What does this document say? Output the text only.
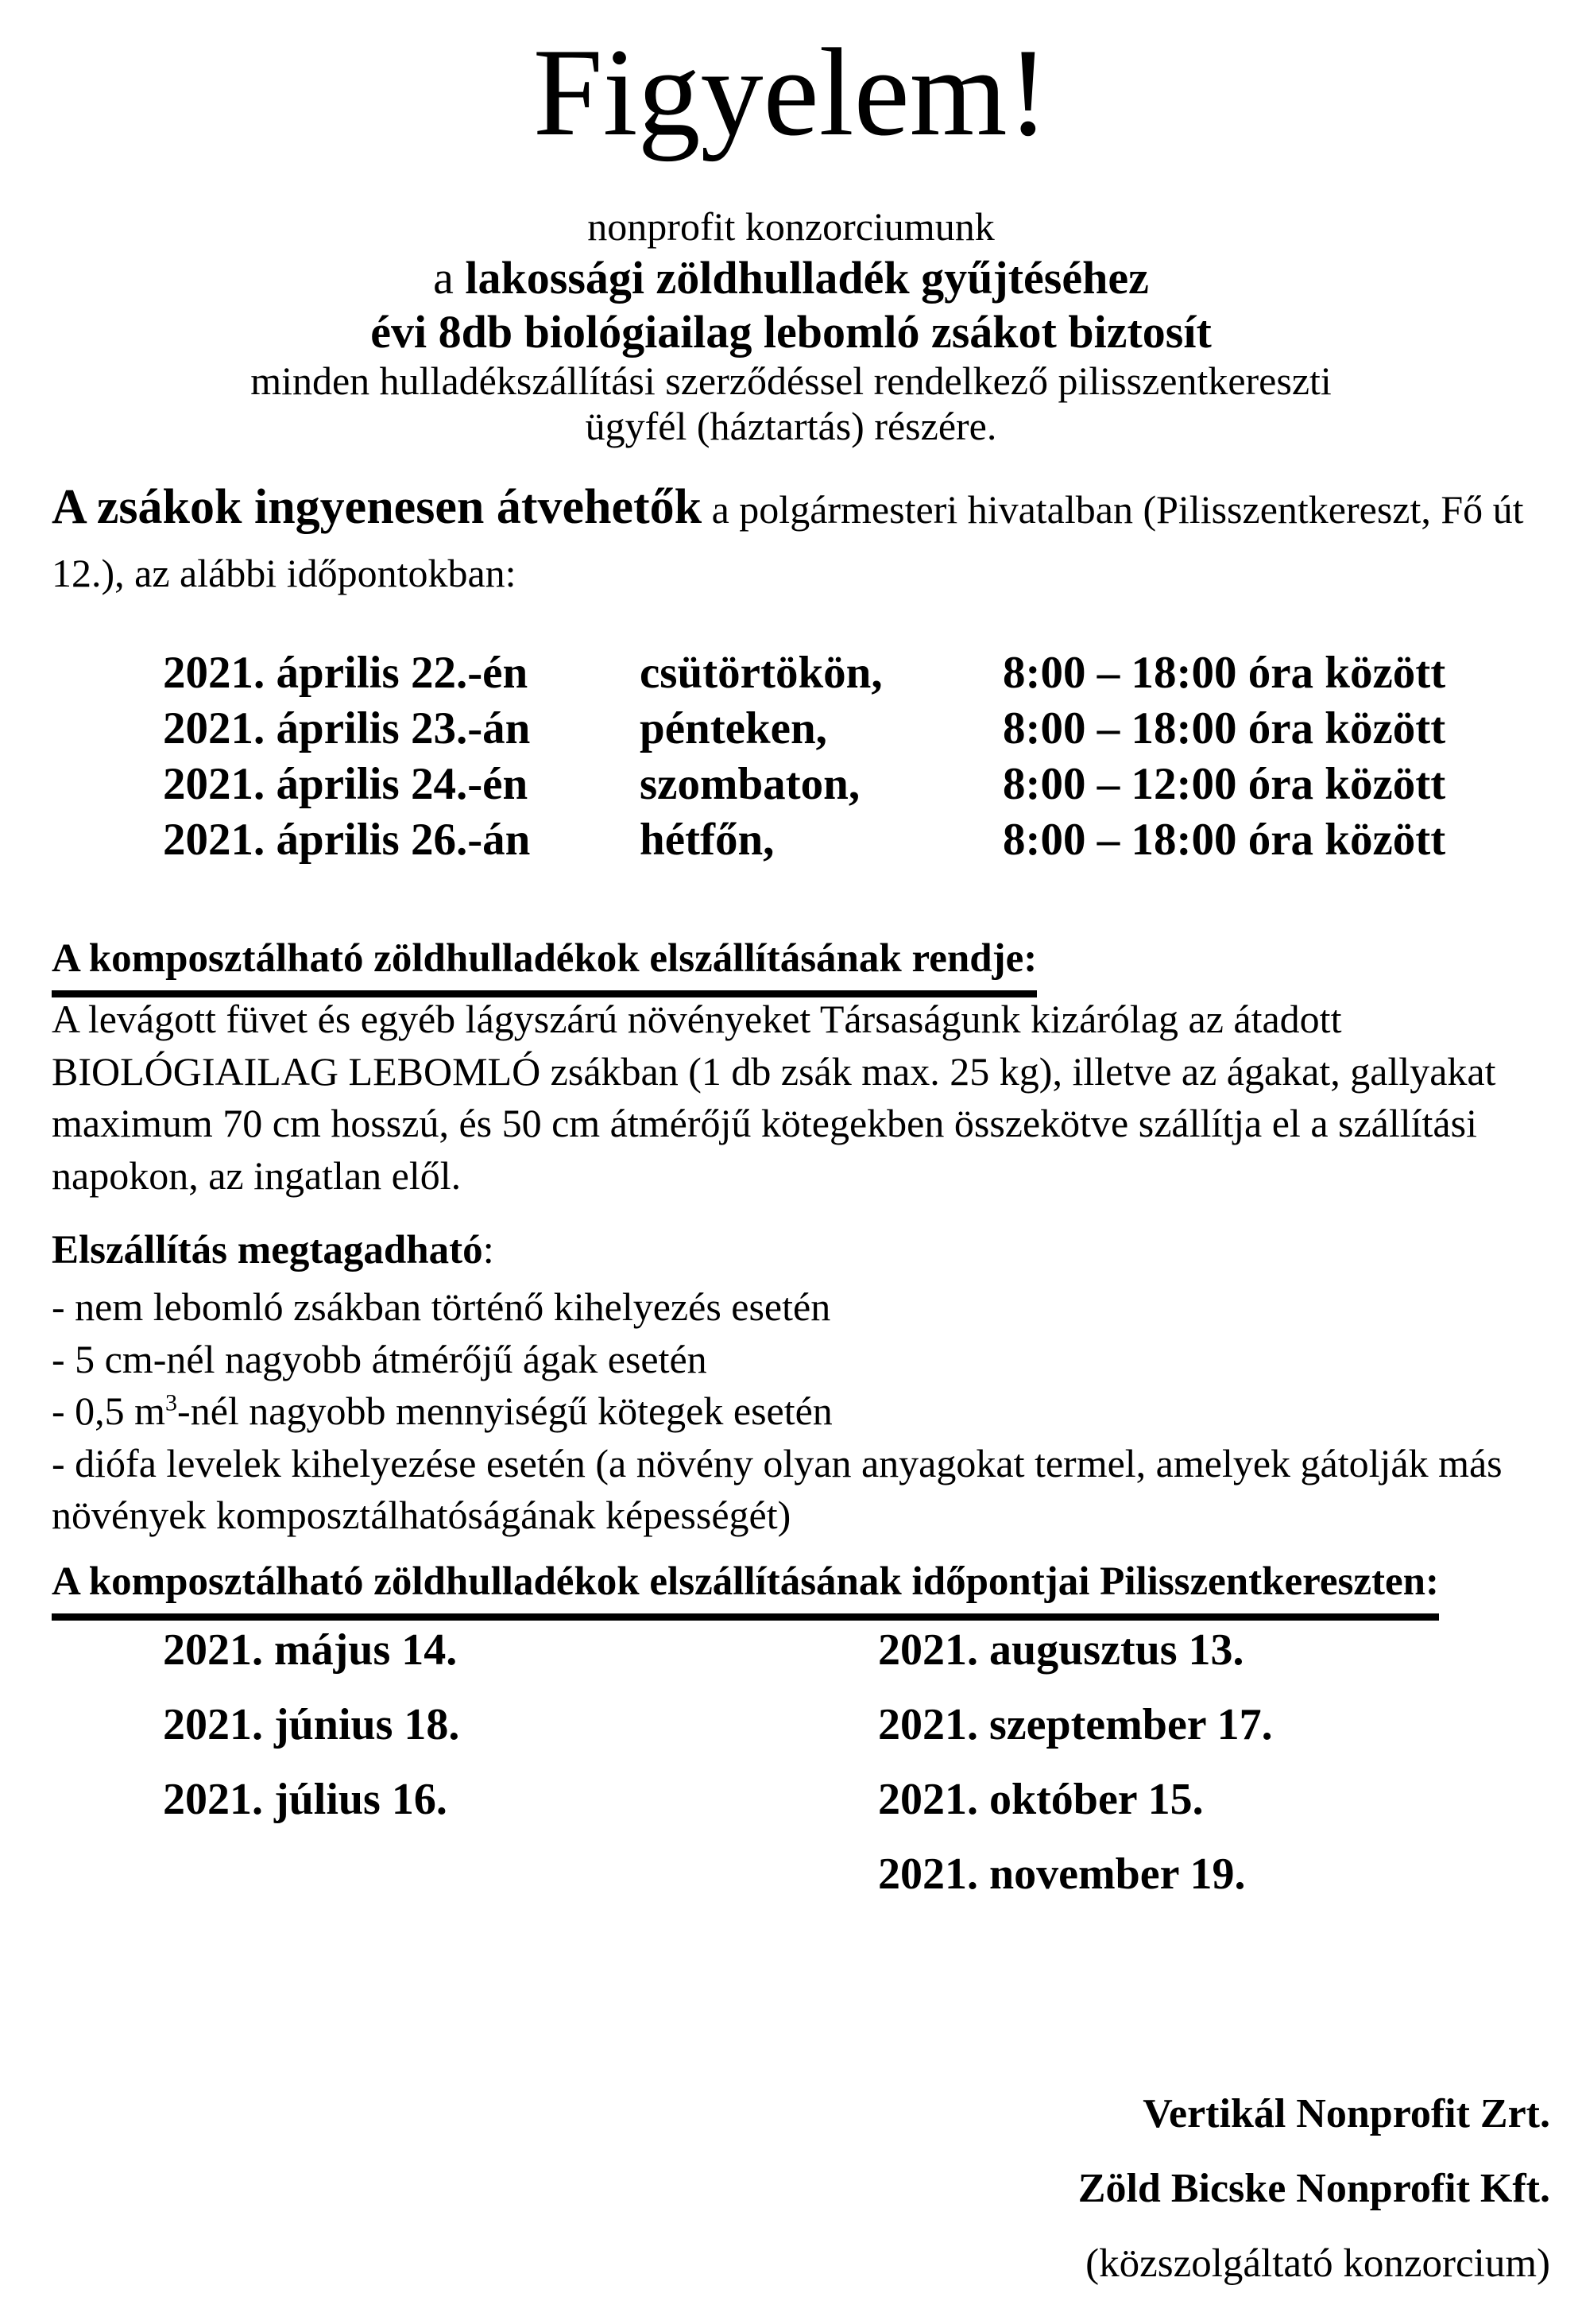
Figyelem!
nonprofit konzorciumunk
a lakossági zöldhulladék gyűjtéséhez
évi 8db biológiailag lebomló zsákot biztosít
minden hulladékszállítási szerződéssel rendelkező pilisszentkereszti
ügyfél (háztartás) részére.
A zsákok ingyenesen átvehetők a polgármesteri hivatalban (Pilisszentkereszt, Fő út
12.), az alábbi időpontokban:
2021. április 22.-én	csütörtökön,	8:00 – 18:00 óra között
2021. április 23.-án	pénteken,	8:00 – 18:00 óra között
2021. április 24.-én	szombaton,	8:00 – 12:00 óra között
2021. április 26.-án	hétfőn,	8:00 – 18:00 óra között
A komposztálható zöldhulladékok elszállításának rendje:
A levágott füvet és egyéb lágyszárú növényeket Társaságunk kizárólag az átadott
BIOLÓGIAILAG LEBOMLÓ zsákban (1 db zsák max. 25 kg), illetve az ágakat, gallyakat
maximum 70 cm hosszú, és 50 cm átmérőjű kötegekben összekötve szállítja el a szállítási
napokon, az ingatlan elől.
Elszállítás megtagadható:
- nem lebomló zsákban történő kihelyezés esetén
- 5 cm-nél nagyobb átmérőjű ágak esetén
- 0,5 $m^3$-nél nagyobb mennyiségű kötegek esetén
- diófa levelek kihelyezése esetén (a növény olyan anyagokat termel, amelyek gátolják más
növények komposztálhatóságának képességét)
A komposztálható zöldhulladékok elszállításának időpontjai Pilisszentkereszten:
2021. május 14.
2021. június 18.
2021. július 16.
2021. augusztus 13.
2021. szeptember 17.
2021. október 15.
2021. november 19.
Vertikál Nonprofit Zrt.
Zöld Bicske Nonprofit Kft.
(közszolgáltató konzorcium)
